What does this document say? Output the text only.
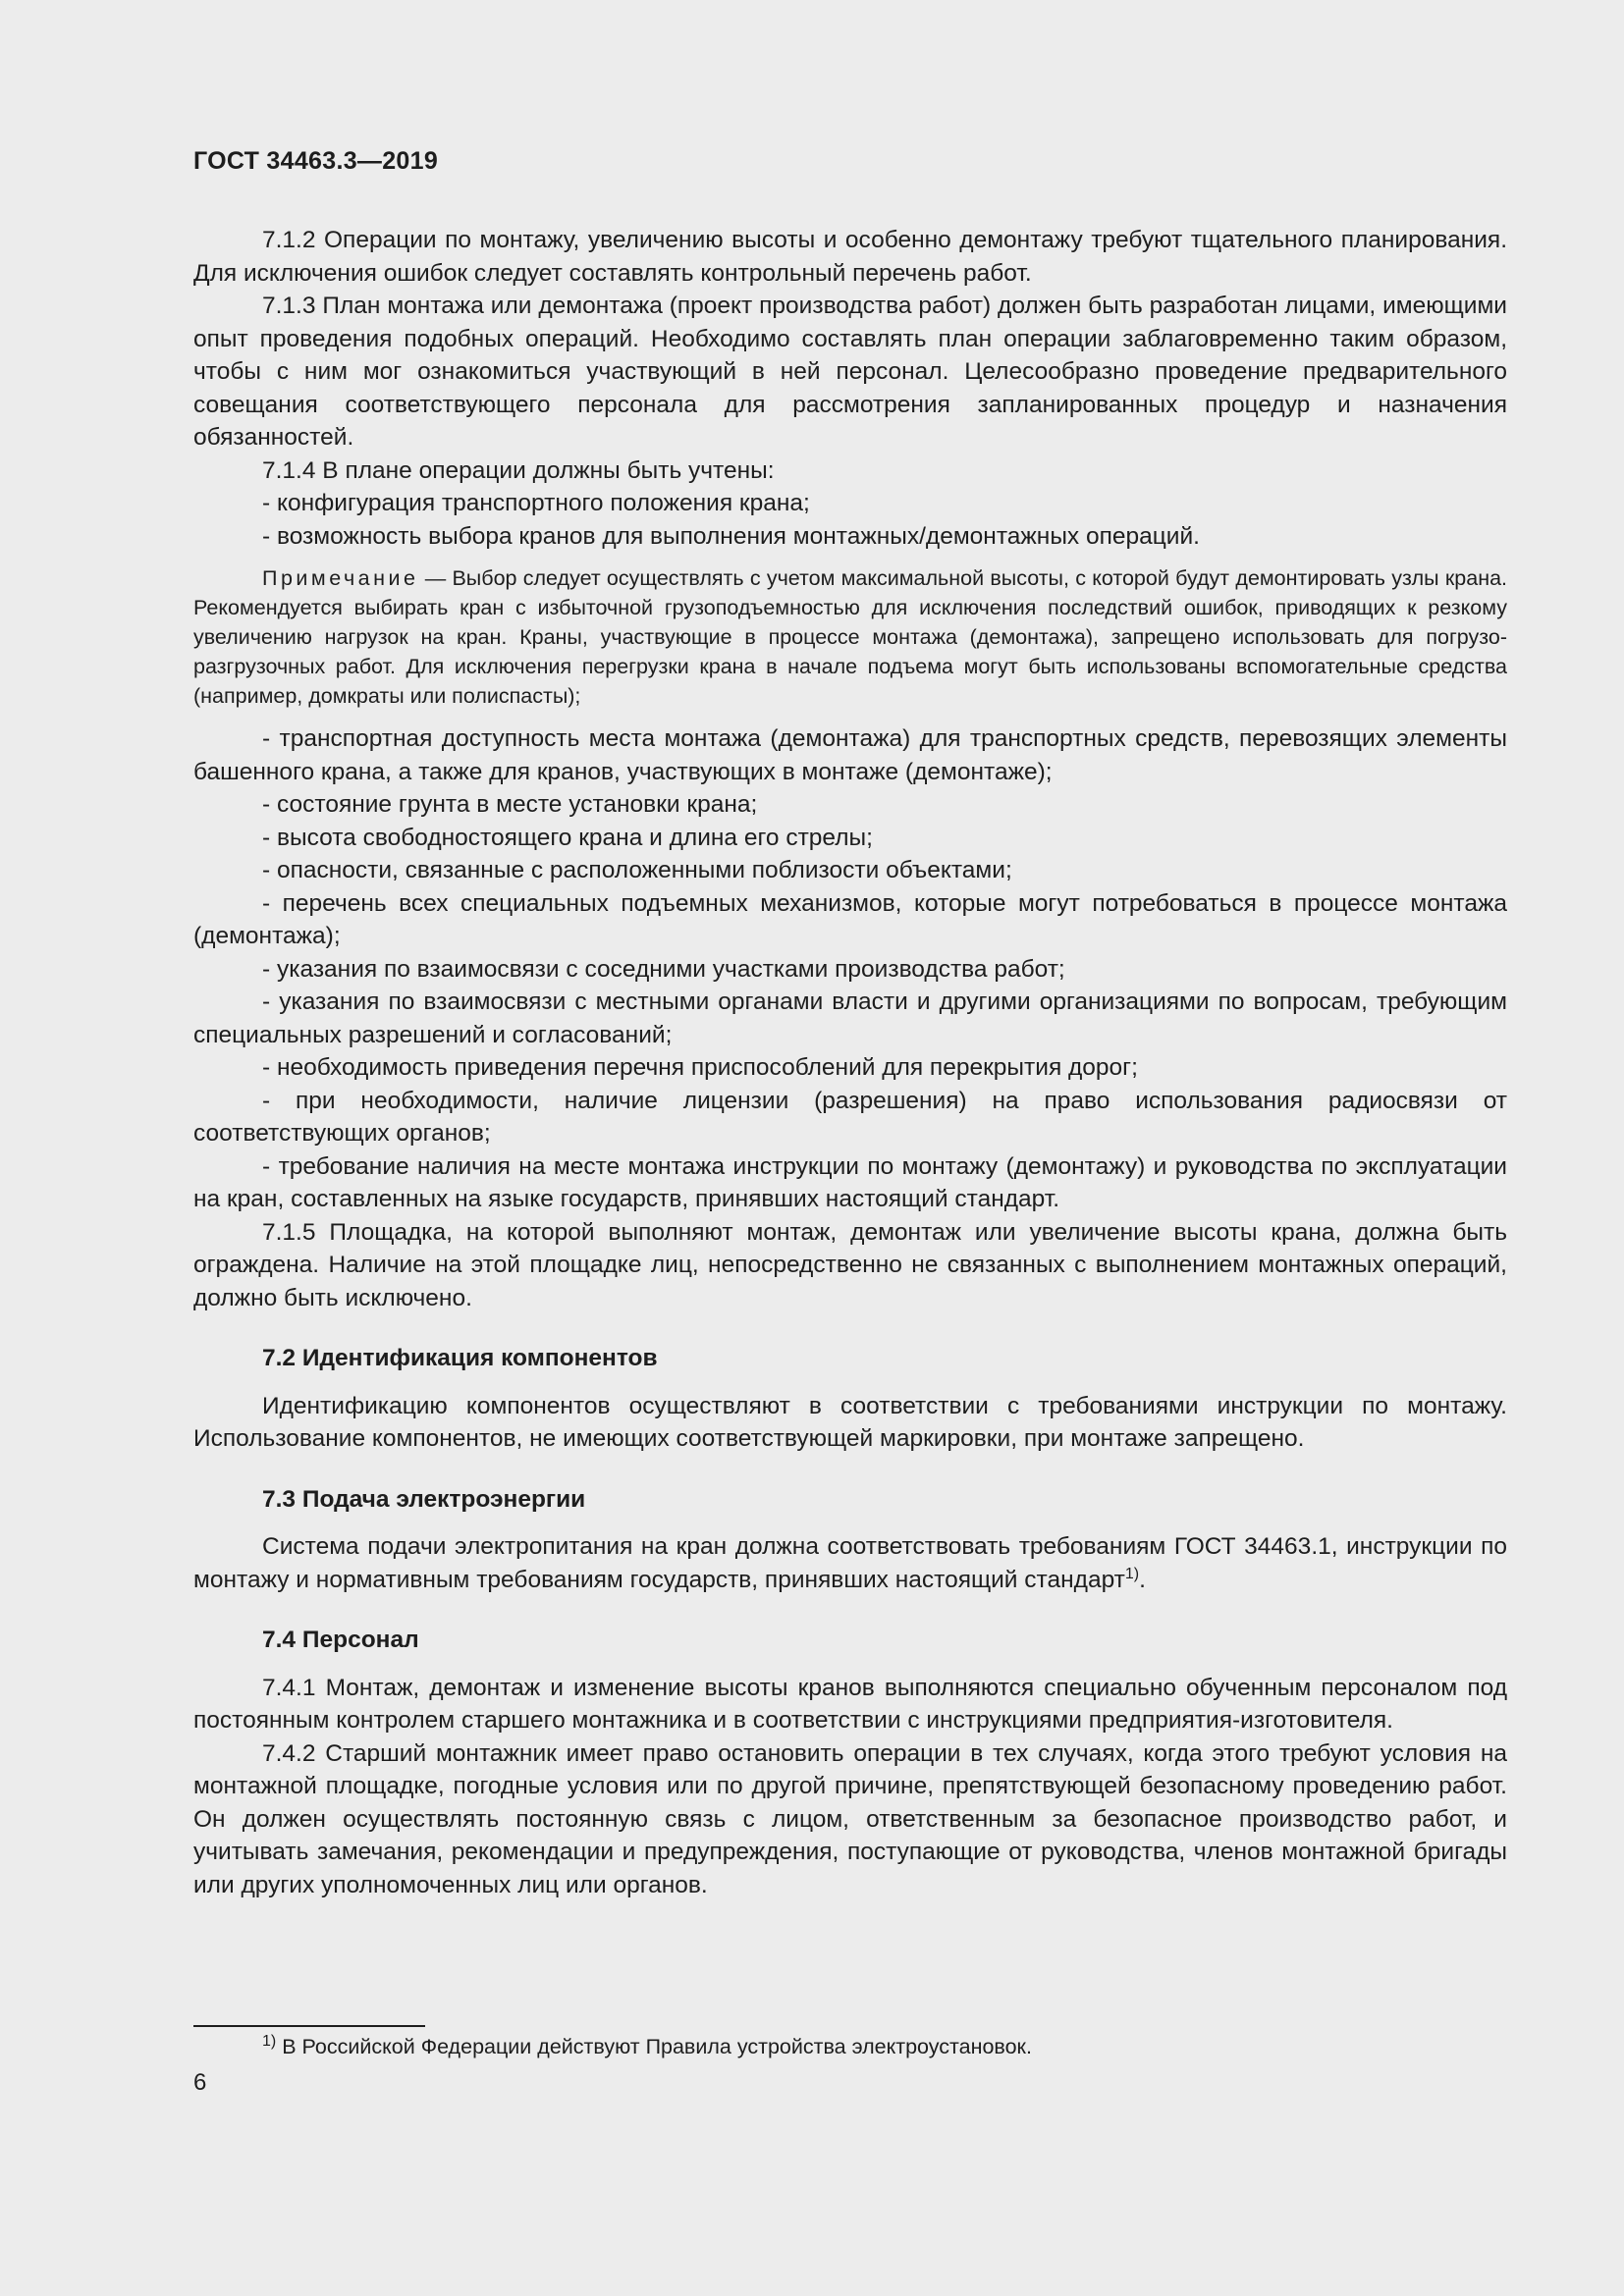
ГОСТ 34463.3—2019

7.1.2 Операции по монтажу, увеличению высоты и особенно демонтажу требуют тщательного планирования. Для исключения ошибок следует составлять контрольный перечень работ.

7.1.3 План монтажа или демонтажа (проект производства работ) должен быть разработан лицами, имеющими опыт проведения подобных операций. Необходимо составлять план операции заблаговременно таким образом, чтобы с ним мог ознакомиться участвующий в ней персонал. Целесообразно проведение предварительного совещания соответствующего персонала для рассмотрения запланированных процедур и назначения обязанностей.

7.1.4 В плане операции должны быть учтены:

- конфигурация транспортного положения крана;

- возможность выбора кранов для выполнения монтажных/демонтажных операций.

Примечание — Выбор следует осуществлять с учетом максимальной высоты, с которой будут демонтировать узлы крана. Рекомендуется выбирать кран с избыточной грузоподъемностью для исключения последствий ошибок, приводящих к резкому увеличению нагрузок на кран. Краны, участвующие в процессе монтажа (демонтажа), запрещено использовать для погрузо-разгрузочных работ. Для исключения перегрузки крана в начале подъема могут быть использованы вспомогательные средства (например, домкраты или полиспасты);

- транспортная доступность места монтажа (демонтажа) для транспортных средств, перевозящих элементы башенного крана, а также для кранов, участвующих в монтаже (демонтаже);

- состояние грунта в месте установки крана;

- высота свободностоящего крана и длина его стрелы;

- опасности, связанные с расположенными поблизости объектами;

- перечень всех специальных подъемных механизмов, которые могут потребоваться в процессе монтажа (демонтажа);

- указания по взаимосвязи с соседними участками производства работ;

- указания по взаимосвязи с местными органами власти и другими организациями по вопросам, требующим специальных разрешений и согласований;

- необходимость приведения перечня приспособлений для перекрытия дорог;

- при необходимости, наличие лицензии (разрешения) на право использования радиосвязи от соответствующих органов;

- требование наличия на месте монтажа инструкции по монтажу (демонтажу) и руководства по эксплуатации на кран, составленных на языке государств, принявших настоящий стандарт.

7.1.5 Площадка, на которой выполняют монтаж, демонтаж или увеличение высоты крана, должна быть ограждена. Наличие на этой площадке лиц, непосредственно не связанных с выполнением монтажных операций, должно быть исключено.

7.2 Идентификация компонентов

Идентификацию компонентов осуществляют в соответствии с требованиями инструкции по монтажу. Использование компонентов, не имеющих соответствующей маркировки, при монтаже запрещено.

7.3 Подача электроэнергии

Система подачи электропитания на кран должна соответствовать требованиям ГОСТ 34463.1, инструкции по монтажу и нормативным требованиям государств, принявших настоящий стандарт$^{1)}$.

7.4 Персонал

7.4.1 Монтаж, демонтаж и изменение высоты кранов выполняются специально обученным персоналом под постоянным контролем старшего монтажника и в соответствии с инструкциями предприятия-изготовителя.

7.4.2 Старший монтажник имеет право остановить операции в тех случаях, когда этого требуют условия на монтажной площадке, погодные условия или по другой причине, препятствующей безопасному проведению работ. Он должен осуществлять постоянную связь с лицом, ответственным за безопасное производство работ, и учитывать замечания, рекомендации и предупреждения, поступающие от руководства, членов монтажной бригады или других уполномоченных лиц или органов.

$^{1)}$ В Российской Федерации действуют Правила устройства электроустановок.
6
